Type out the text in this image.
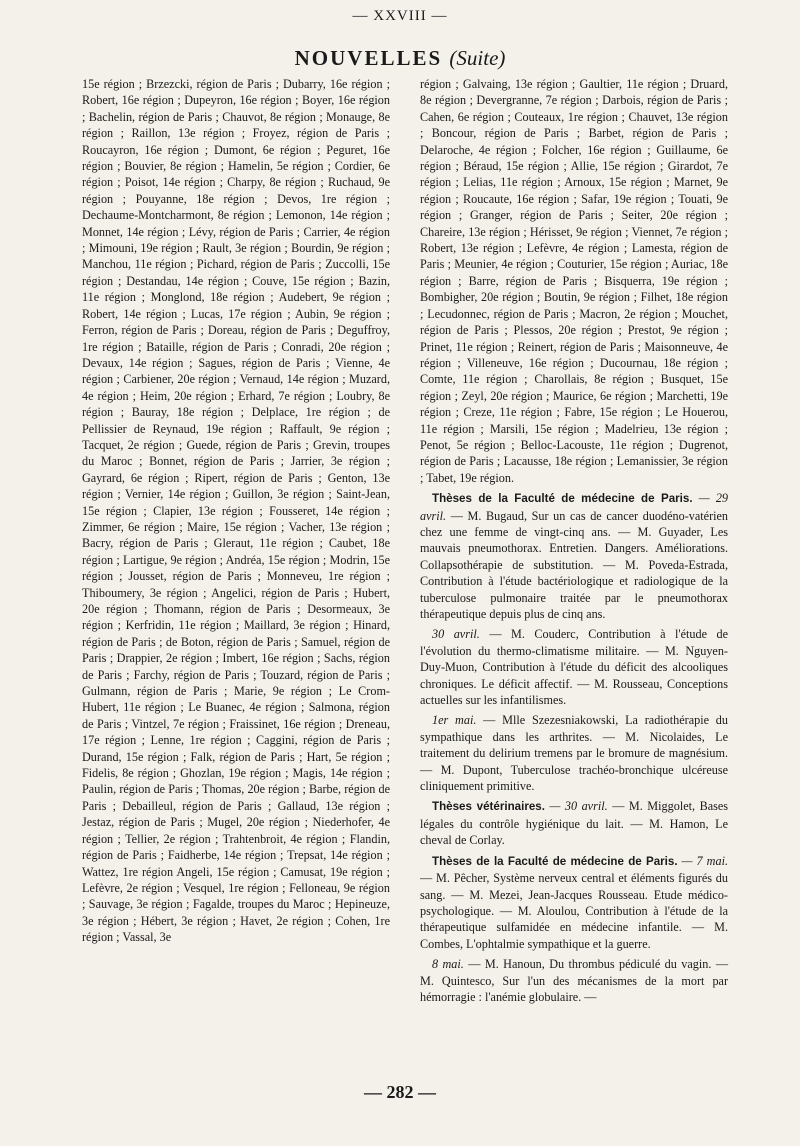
— XXVIII —
NOUVELLES (Suite)

15e région ; Brzezcki, région de Paris ; Dubarry, 16e région ; Robert, 16e région ; Dupeyron, 16e région ; Boyer, 16e région ; Bachelin, région de Paris ; Chauvot, 8e région ; Monauge, 8e région ; Raillon, 13e région ; Froyez, région de Paris ; Roucayron, 16e région ; Dumont, 6e région ; Peguret, 16e région ; Bouvier, 8e région ; Hamelin, 5e région ; Cordier, 6e région ; Poisot, 14e région ; Charpy, 8e région ; Ruchaud, 9e région ; Pouyanne, 18e région ; Devos, 1re région ; Dechaume-Montcharmont, 8e région ; Lemonon, 14e région ; Monnet, 14e région ; Lévy, région de Paris ; Carrier, 4e région ; Mimouni, 19e région ; Rault, 3e région ; Bourdin, 9e région ; Manchou, 11e région ; Pichard, région de Paris ; Zuccolli, 15e région ; Destandau, 14e région ; Couve, 15e région ; Bazin, 11e région ; Monglond, 18e région ; Audebert, 9e région ; Robert, 14e région ; Lucas, 17e région ; Aubin, 9e région ; Ferron, région de Paris ; Doreau, région de Paris ; Deguffroy, 1re région ; Bataille, région de Paris ; Conradi, 20e région ; Devaux, 14e région ; Sagues, région de Paris ; Vienne, 4e région ; Carbiener, 20e région ; Vernaud, 14e région ; Muzard, 4e région ; Heim, 20e région ; Erhard, 7e région ; Loubry, 8e région ; Bauray, 18e région ; Delplace, 1re région ; de Pellissier de Reynaud, 19e région ; Raffault, 9e région ; Tacquet, 2e région ; Guede, région de Paris ; Grevin, troupes du Maroc ; Bonnet, région de Paris ; Jarrier, 3e région ; Gayrard, 6e région ; Ripert, région de Paris ; Genton, 13e région ; Vernier, 14e région ; Guillon, 3e région ; Saint-Jean, 15e région ; Clapier, 13e région ; Fousseret, 14e région ; Zimmer, 6e région ; Maire, 15e région ; Vacher, 13e région ; Bacry, région de Paris ; Gleraut, 11e région ; Caubet, 18e région ; Lartigue, 9e région ; Andréa, 15e région ; Modrin, 15e région ; Jousset, région de Paris ; Monneveu, 1re région ; Thiboumery, 3e région ; Angelici, région de Paris ; Hubert, 20e région ; Thomann, région de Paris ; Desormeaux, 3e région ; Kerfridin, 11e région ; Maillard, 3e région ; Hinard, région de Paris ; de Boton, région de Paris ; Samuel, région de Paris ; Drappier, 2e région ; Imbert, 16e région ; Sachs, région de Paris ; Farchy, région de Paris ; Touzard, région de Paris ; Gulmann, région de Paris ; Marie, 9e région ; Le Crom-Hubert, 11e région ; Le Buanec, 4e région ; Salmona, région de Paris ; Vintzel, 7e région ; Fraissinet, 16e région ; Dreneau, 17e région ; Lenne, 1re région ; Caggini, région de Paris ; Durand, 15e région ; Falk, région de Paris ; Hart, 5e région ; Fidelis, 8e région ; Ghozlan, 19e région ; Magis, 14e région ; Paulin, région de Paris ; Thomas, 20e région ; Barbe, région de Paris ; Debailleul, région de Paris ; Gallaud, 13e région ; Jestaz, région de Paris ; Mugel, 20e région ; Niederhofer, 4e région ; Tellier, 2e région ; Trahtenbroit, 4e région ; Flandin, région de Paris ; Faidherbe, 14e région ; Trepsat, 14e région ; Wattez, 1re région Angeli, 15e région ; Camusat, 19e région ; Lefèvre, 2e région ; Vesquel, 1re région ; Felloneau, 9e région ; Sauvage, 3e région ; Fagalde, troupes du Maroc ; Hepineuze, 3e région ; Hébert, 3e région ; Havet, 2e région ; Cohen, 1re région ; Vassal, 3e

région ; Galvaing, 13e région ; Gaultier, 11e région ; Druard, 8e région ; Devergranne, 7e région ; Darbois, région de Paris ; Cahen, 6e région ; Couteaux, 1re région ; Chauvet, 13e région ; Boncour, région de Paris ; Barbet, région de Paris ; Delaroche, 4e région ; Folcher, 16e région ; Guillaume, 6e région ; Béraud, 15e région ; Allie, 15e région ; Girardot, 7e région ; Lelias, 11e région ; Arnoux, 15e région ; Marnet, 9e région ; Roucaute, 16e région ; Safar, 19e région ; Touati, 9e région ; Granger, région de Paris ; Seiter, 20e région ; Chareire, 13e région ; Hérisset, 9e région ; Viennet, 7e région ; Robert, 13e région ; Lefèvre, 4e région ; Lamesta, région de Paris ; Meunier, 4e région ; Couturier, 15e région ; Auriac, 18e région ; Barre, région de Paris ; Bisquerra, 19e région ; Bombigher, 20e région ; Boutin, 9e région ; Filhet, 18e région ; Lecudonnec, région de Paris ; Macron, 2e région ; Mouchet, région de Paris ; Plessos, 20e région ; Prestot, 9e région ; Prinet, 11e région ; Reinert, région de Paris ; Maisonneuve, 4e région ; Villeneuve, 16e région ; Ducournau, 18e région ; Comte, 11e région ; Charollais, 8e région ; Busquet, 15e région ; Zeyl, 20e région ; Maurice, 6e région ; Marchetti, 19e région ; Creze, 11e région ; Fabre, 15e région ; Le Houerou, 11e région ; Marsili, 15e région ; Madelrieu, 13e région ; Penot, 5e région ; Belloc-Lacouste, 11e région ; Dugrenot, région de Paris ; Lacausse, 18e région ; Lemanissier, 3e région ; Tabet, 19e région.

Thèses de la Faculté de médecine de Paris. — 29 avril. — M. Bugaud, Sur un cas de cancer duodéno-vatérien chez une femme de vingt-cinq ans. — M. Guyader, Les mauvais pneumothorax. Entretien. Dangers. Améliorations. Collapsothérapie de substitution. — M. Poveda-Estrada, Contribution à l'étude bactériologique et radiologique de la tuberculose pulmonaire traitée par le pneumothorax thérapeutique depuis plus de cinq ans.

30 avril. — M. Couderc, Contribution à l'étude de l'évolution du thermo-climatisme militaire. — M. Nguyen-Duy-Muon, Contribution à l'étude du déficit des alcooliques chroniques. Le déficit affectif. — M. Rousseau, Conceptions actuelles sur les infantilismes.

1er mai. — Mlle Szezesniakowski, La radiothérapie du sympathique dans les arthrites. — M. Nicolaides, Le traitement du delirium tremens par le bromure de magnésium. — M. Dupont, Tuberculose trachéo-bronchique ulcéreuse cliniquement primitive.

Thèses vétérinaires. — 30 avril. — M. Miggolet, Bases légales du contrôle hygiénique du lait. — M. Hamon, Le cheval de Corlay.

Thèses de la Faculté de médecine de Paris. — 7 mai. — M. Pêcher, Système nerveux central et éléments figurés du sang. — M. Mezei, Jean-Jacques Rousseau. Etude médico-psychologique. — M. Aloulou, Contribution à l'étude de la thérapeutique sulfamidée en médecine infantile. — M. Combes, L'ophtalmie sympathique et la guerre.

8 mai. — M. Hanoun, Du thrombus pédiculé du vagin. — M. Quintesco, Sur l'un des mécanismes de la mort par hémorragie : l'anémie globulaire. —

— 282 —
